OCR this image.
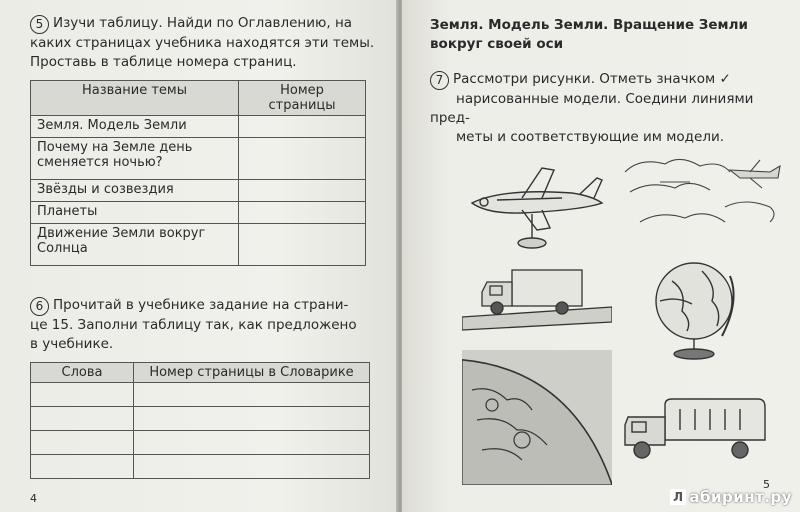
5 Изучи таблицу. Найди по Оглавлению, на
каких страницах учебника находятся эти темы.
Проставь в таблице номера страниц.
Название темы	Номер страницы
Земля. Модель Земли	
Почему на Земле день
сменяется ночью?	
Звёзды и созвездия	
Планеты	
Движение Земли вокруг
Солнца	
6 Прочитай в учебнике задание на страни-
це 15. Заполни таблицу так, как предложено
в учебнике.
Слова	Номер страницы в Словарике

4
Земля. Модель Земли. Вращение Земли
вокруг своей оси
7 Рассмотри рисунки. Отметь значком ✓
нарисованные модели. Соедини линиями пред-
меты и соответствующие им модели.
5
Л абиринт.ру
